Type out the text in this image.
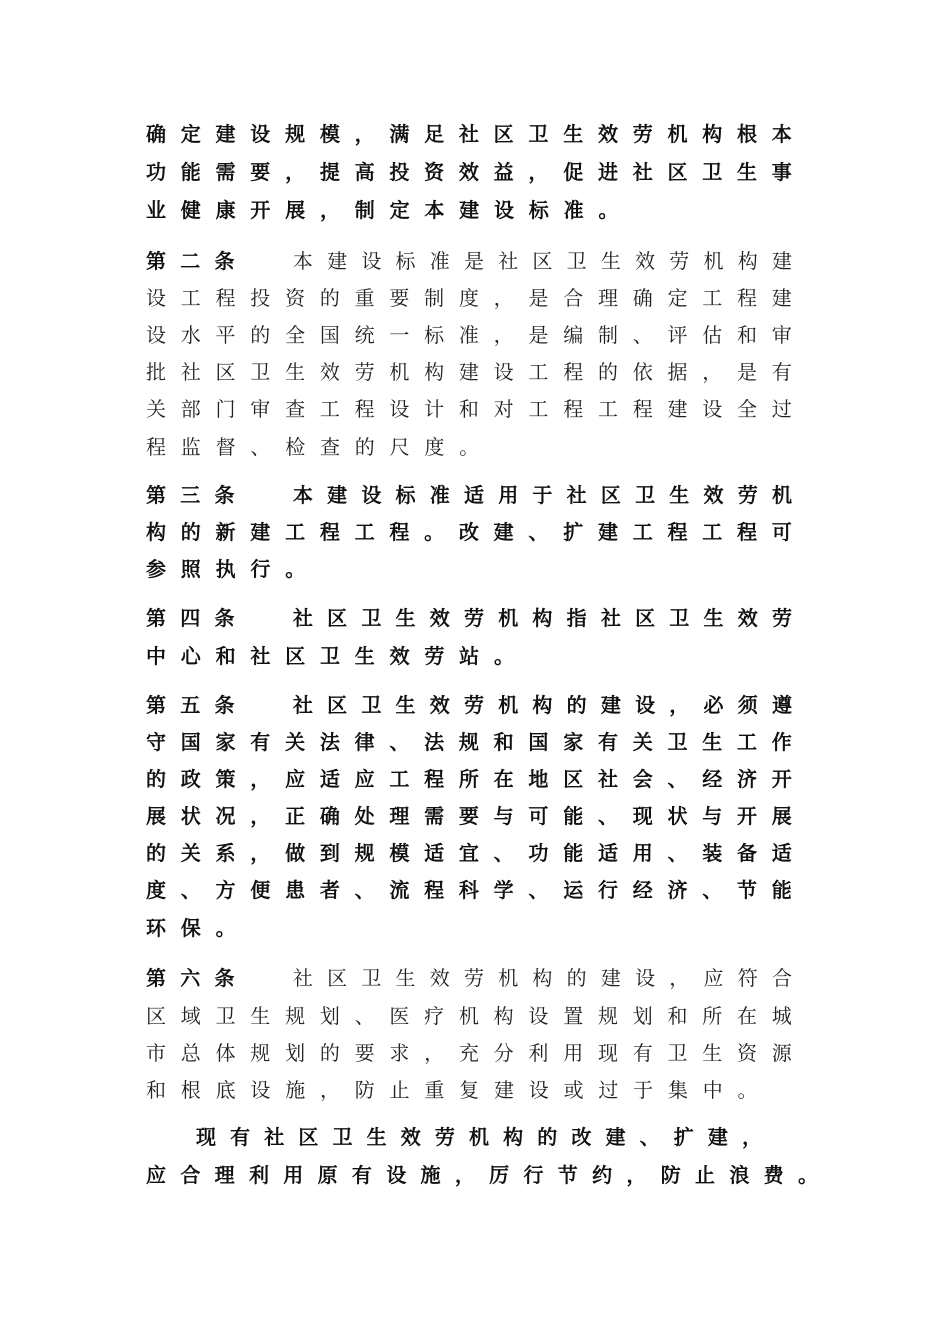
确 定 建 设 规 模 ， 满 足 社 区 卫 生 效 劳 机 构 根 本
功 能 需 要 ， 提 高 投 资 效 益 ， 促 进 社 区 卫 生 事
业 健 康 开 展 ， 制 定 本 建 设 标 准 。
第 二 条	本 建 设 标 准 是 社 区 卫 生 效 劳 机 构 建
设 工 程 投 资 的 重 要 制 度 ， 是 合 理 确 定 工 程 建
设 水 平 的 全 国 统 一 标 准 ， 是 编 制 、 评 估 和 审
批 社 区 卫 生 效 劳 机 构 建 设 工 程 的 依 据 ， 是 有
关 部 门 审 查 工 程 设 计 和 对 工 程 工 程 建 设 全 过
程 监 督 、 检 查 的 尺 度 。
第 三 条	本 建 设 标 准 适 用 于 社 区 卫 生 效 劳 机
构 的 新 建 工 程 工 程 。 改 建 、 扩 建 工 程 工 程 可
参 照 执 行 。
第 四 条	社 区 卫 生 效 劳 机 构 指 社 区 卫 生 效 劳
中 心 和 社 区 卫 生 效 劳 站 。
第 五 条	社 区 卫 生 效 劳 机 构 的 建 设 ， 必 须 遵
守 国 家 有 关 法 律 、 法 规 和 国 家 有 关 卫 生 工 作
的 政 策 ， 应 适 应 工 程 所 在 地 区 社 会 、 经 济 开
展 状 况 ， 正 确 处 理 需 要 与 可 能 、 现 状 与 开 展
的 关 系 ， 做 到 规 模 适 宜 、 功 能 适 用 、 装 备 适
度 、 方 便 患 者 、 流 程 科 学 、 运 行 经 济 、 节 能
环 保 。
第 六 条	社 区 卫 生 效 劳 机 构 的 建 设 ， 应 符 合
区 域 卫 生 规 划 、 医 疗 机 构 设 置 规 划 和 所 在 城
市 总 体 规 划 的 要 求 ， 充 分 利 用 现 有 卫 生 资 源
和 根 底 设 施 ， 防 止 重 复 建 设 或 过 于 集 中 。
现 有 社 区 卫 生 效 劳 机 构 的 改 建 、 扩 建 ，
应 合 理 利 用 原 有 设 施 ， 厉 行 节 约 ， 防 止 浪 费 。
